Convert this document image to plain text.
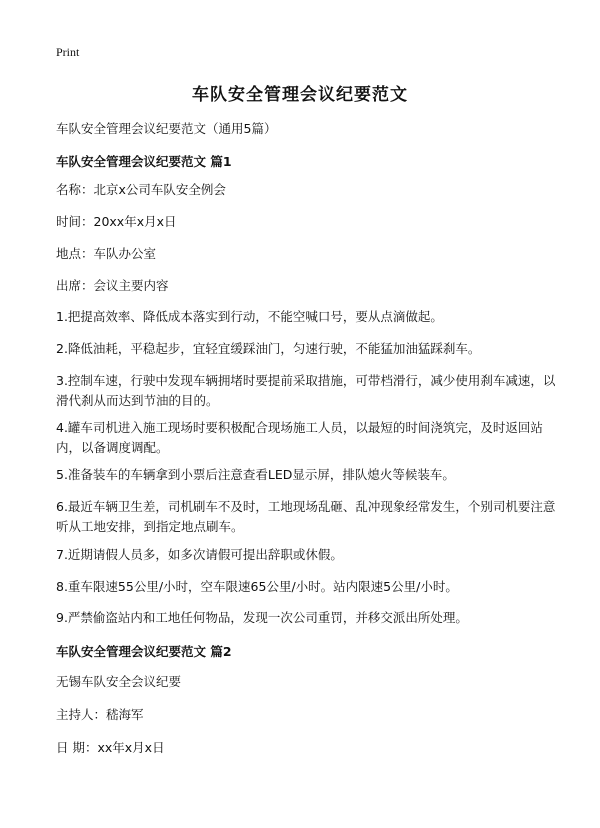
Print
车队安全管理会议纪要范文

车队安全管理会议纪要范文（通用5篇）

车队安全管理会议纪要范文 篇1

名称：北京x公司车队安全例会

时间：20xx年x月x日

地点：车队办公室

出席：会议主要内容

1.把提高效率、降低成本落实到行动，不能空喊口号，要从点滴做起。

2.降低油耗，平稳起步，宜轻宜缓踩油门，匀速行驶，不能猛加油猛踩刹车。

3.控制车速，行驶中发现车辆拥堵时要提前采取措施，可带档滑行，减少使用刹车减速，以滑代刹从而达到节油的目的。

4.罐车司机进入施工现场时要积极配合现场施工人员，以最短的时间浇筑完，及时返回站内，以备调度调配。

5.准备装车的车辆拿到小票后注意查看LED显示屏，排队熄火等候装车。

6.最近车辆卫生差，司机刷车不及时，工地现场乱砸、乱冲现象经常发生，个别司机要注意听从工地安排，到指定地点刷车。

7.近期请假人员多，如多次请假可提出辞职或休假。

8.重车限速55公里/小时，空车限速65公里/小时。站内限速5公里/小时。

9.严禁偷盗站内和工地任何物品，发现一次公司重罚，并移交派出所处理。

车队安全管理会议纪要范文 篇2

无锡车队安全会议纪要

主持人：嵇海军

日 期：xx年x月x日
